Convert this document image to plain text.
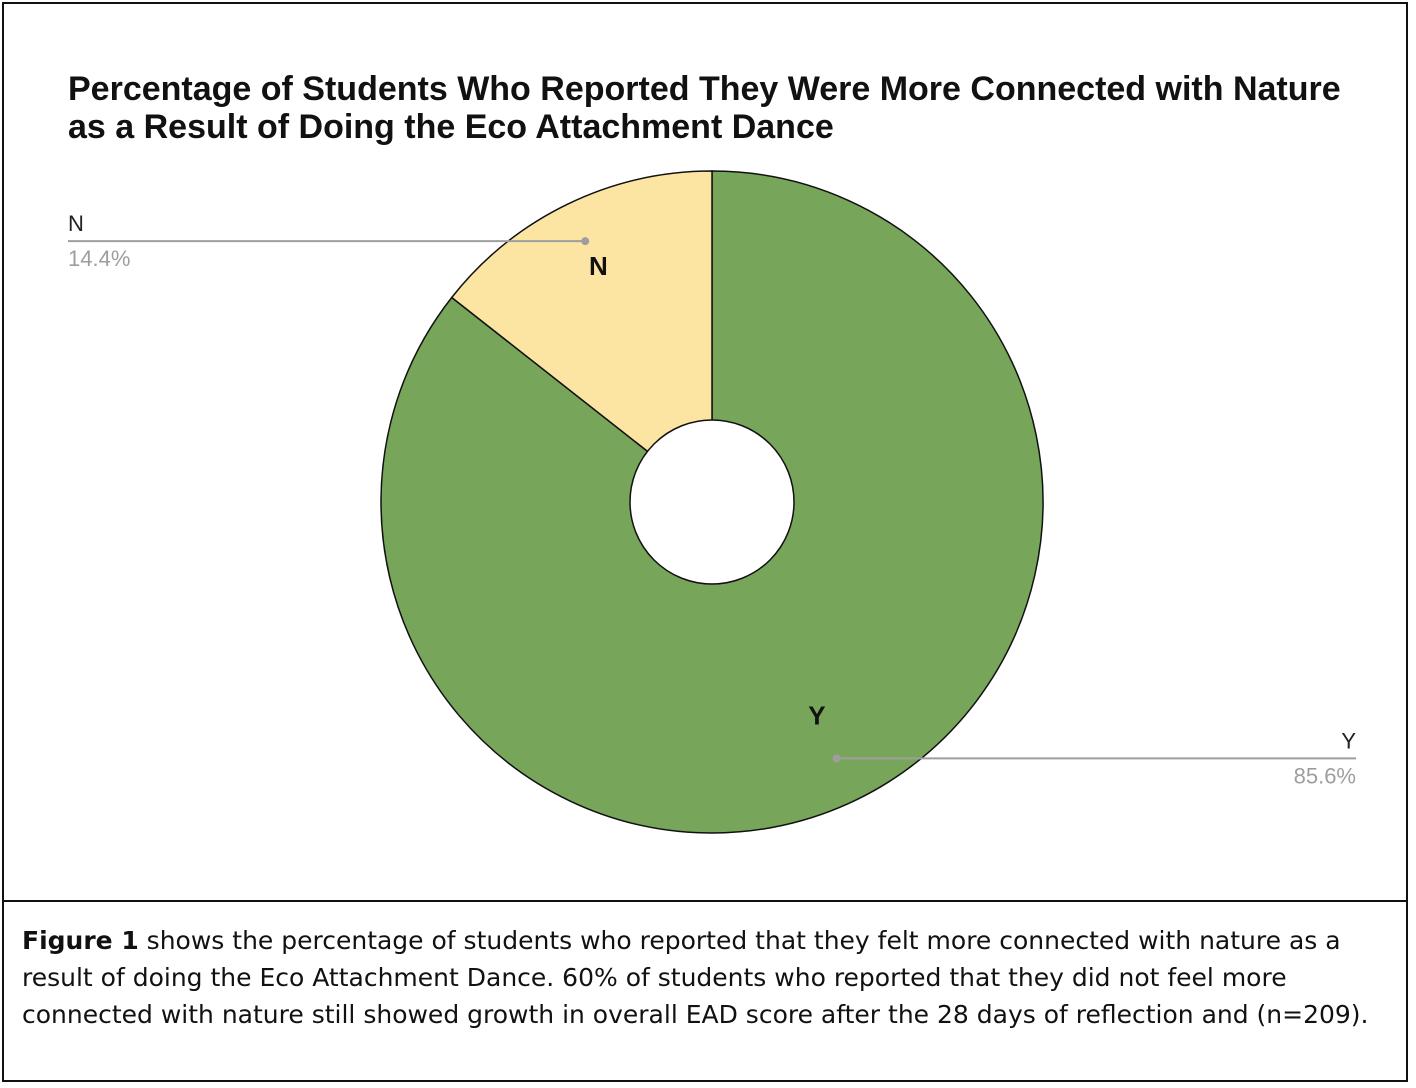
Percentage of Students Who Reported They Were More Connected with Nature as a Result of Doing the Eco Attachment Dance
Y
N
Y
85.6%
N
14.4%

Figure 1 shows the percentage of students who reported that they felt more connected with nature as a result of doing the Eco Attachment Dance. 60% of students who reported that they did not feel more connected with nature still showed growth in overall EAD score after the 28 days of reflection and (n=209).
